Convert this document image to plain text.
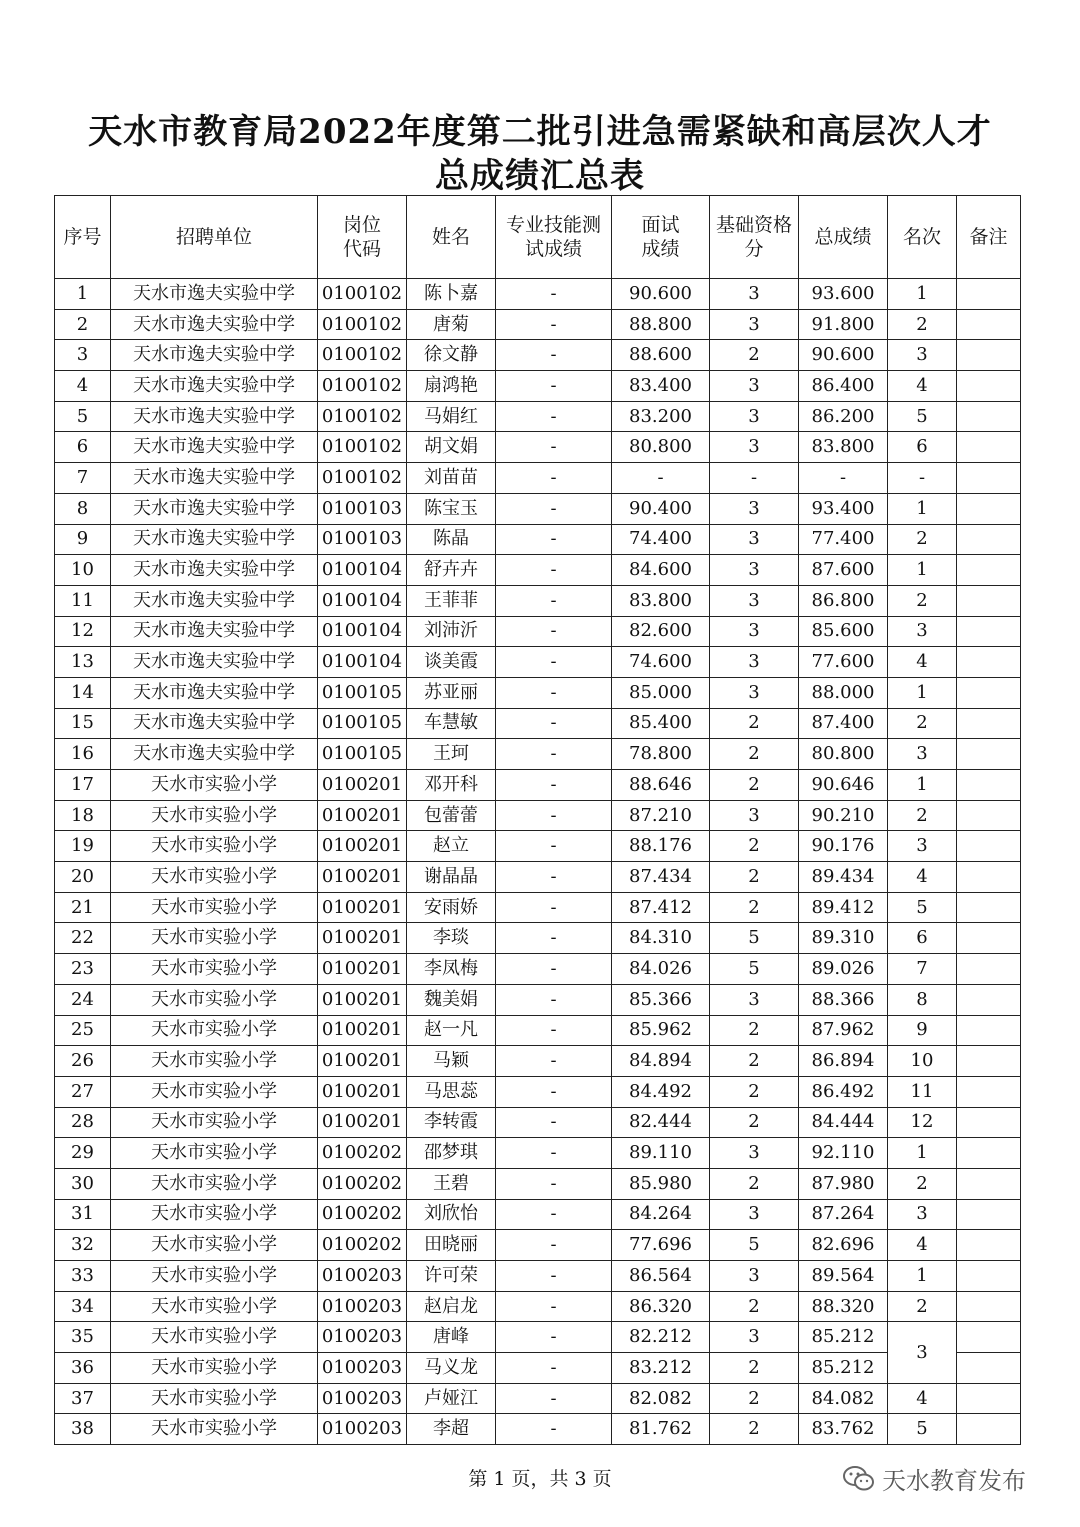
天水市教育局2022年度第二批引进急需紧缺和高层次人才
总成绩汇总表
序号	招聘单位	岗位代码	姓名	专业技能测试成绩	面试成绩	基础资格分	总成绩	名次	备注
1	天水市逸夫实验中学	0100102	陈卜嘉	-	90.600	3	93.600	1	
2	天水市逸夫实验中学	0100102	唐菊	-	88.800	3	91.800	2	
3	天水市逸夫实验中学	0100102	徐文静	-	88.600	2	90.600	3	
4	天水市逸夫实验中学	0100102	扇鸿艳	-	83.400	3	86.400	4	
5	天水市逸夫实验中学	0100102	马娟红	-	83.200	3	86.200	5	
6	天水市逸夫实验中学	0100102	胡文娟	-	80.800	3	83.800	6	
7	天水市逸夫实验中学	0100102	刘苗苗	-	-	-	-	-	
8	天水市逸夫实验中学	0100103	陈宝玉	-	90.400	3	93.400	1	
9	天水市逸夫实验中学	0100103	陈晶	-	74.400	3	77.400	2	
10	天水市逸夫实验中学	0100104	舒卉卉	-	84.600	3	87.600	1	
11	天水市逸夫实验中学	0100104	王菲菲	-	83.800	3	86.800	2	
12	天水市逸夫实验中学	0100104	刘沛沂	-	82.600	3	85.600	3	
13	天水市逸夫实验中学	0100104	谈美霞	-	74.600	3	77.600	4	
14	天水市逸夫实验中学	0100105	苏亚丽	-	85.000	3	88.000	1	
15	天水市逸夫实验中学	0100105	车慧敏	-	85.400	2	87.400	2	
16	天水市逸夫实验中学	0100105	王珂	-	78.800	2	80.800	3	
17	天水市实验小学	0100201	邓开科	-	88.646	2	90.646	1	
18	天水市实验小学	0100201	包蕾蕾	-	87.210	3	90.210	2	
19	天水市实验小学	0100201	赵立	-	88.176	2	90.176	3	
20	天水市实验小学	0100201	谢晶晶	-	87.434	2	89.434	4	
21	天水市实验小学	0100201	安雨娇	-	87.412	2	89.412	5	
22	天水市实验小学	0100201	李琰	-	84.310	5	89.310	6	
23	天水市实验小学	0100201	李凤梅	-	84.026	5	89.026	7	
24	天水市实验小学	0100201	魏美娟	-	85.366	3	88.366	8	
25	天水市实验小学	0100201	赵一凡	-	85.962	2	87.962	9	
26	天水市实验小学	0100201	马颖	-	84.894	2	86.894	10	
27	天水市实验小学	0100201	马思蕊	-	84.492	2	86.492	11	
28	天水市实验小学	0100201	李转霞	-	82.444	2	84.444	12	
29	天水市实验小学	0100202	邵梦琪	-	89.110	3	92.110	1	
30	天水市实验小学	0100202	王碧	-	85.980	2	87.980	2	
31	天水市实验小学	0100202	刘欣怡	-	84.264	3	87.264	3	
32	天水市实验小学	0100202	田晓丽	-	77.696	5	82.696	4	
33	天水市实验小学	0100203	许可荣	-	86.564	3	89.564	1	
34	天水市实验小学	0100203	赵启龙	-	86.320	2	88.320	2	
35	天水市实验小学	0100203	唐峰	-	82.212	3	85.212	3	
36	天水市实验小学	0100203	马义龙	-	83.212	2	85.212		
37	天水市实验小学	0100203	卢娅江	-	82.082	2	84.082	4	
38	天水市实验小学	0100203	李超	-	81.762	2	83.762	5	
第 1 页，共 3 页	天水教育发布
